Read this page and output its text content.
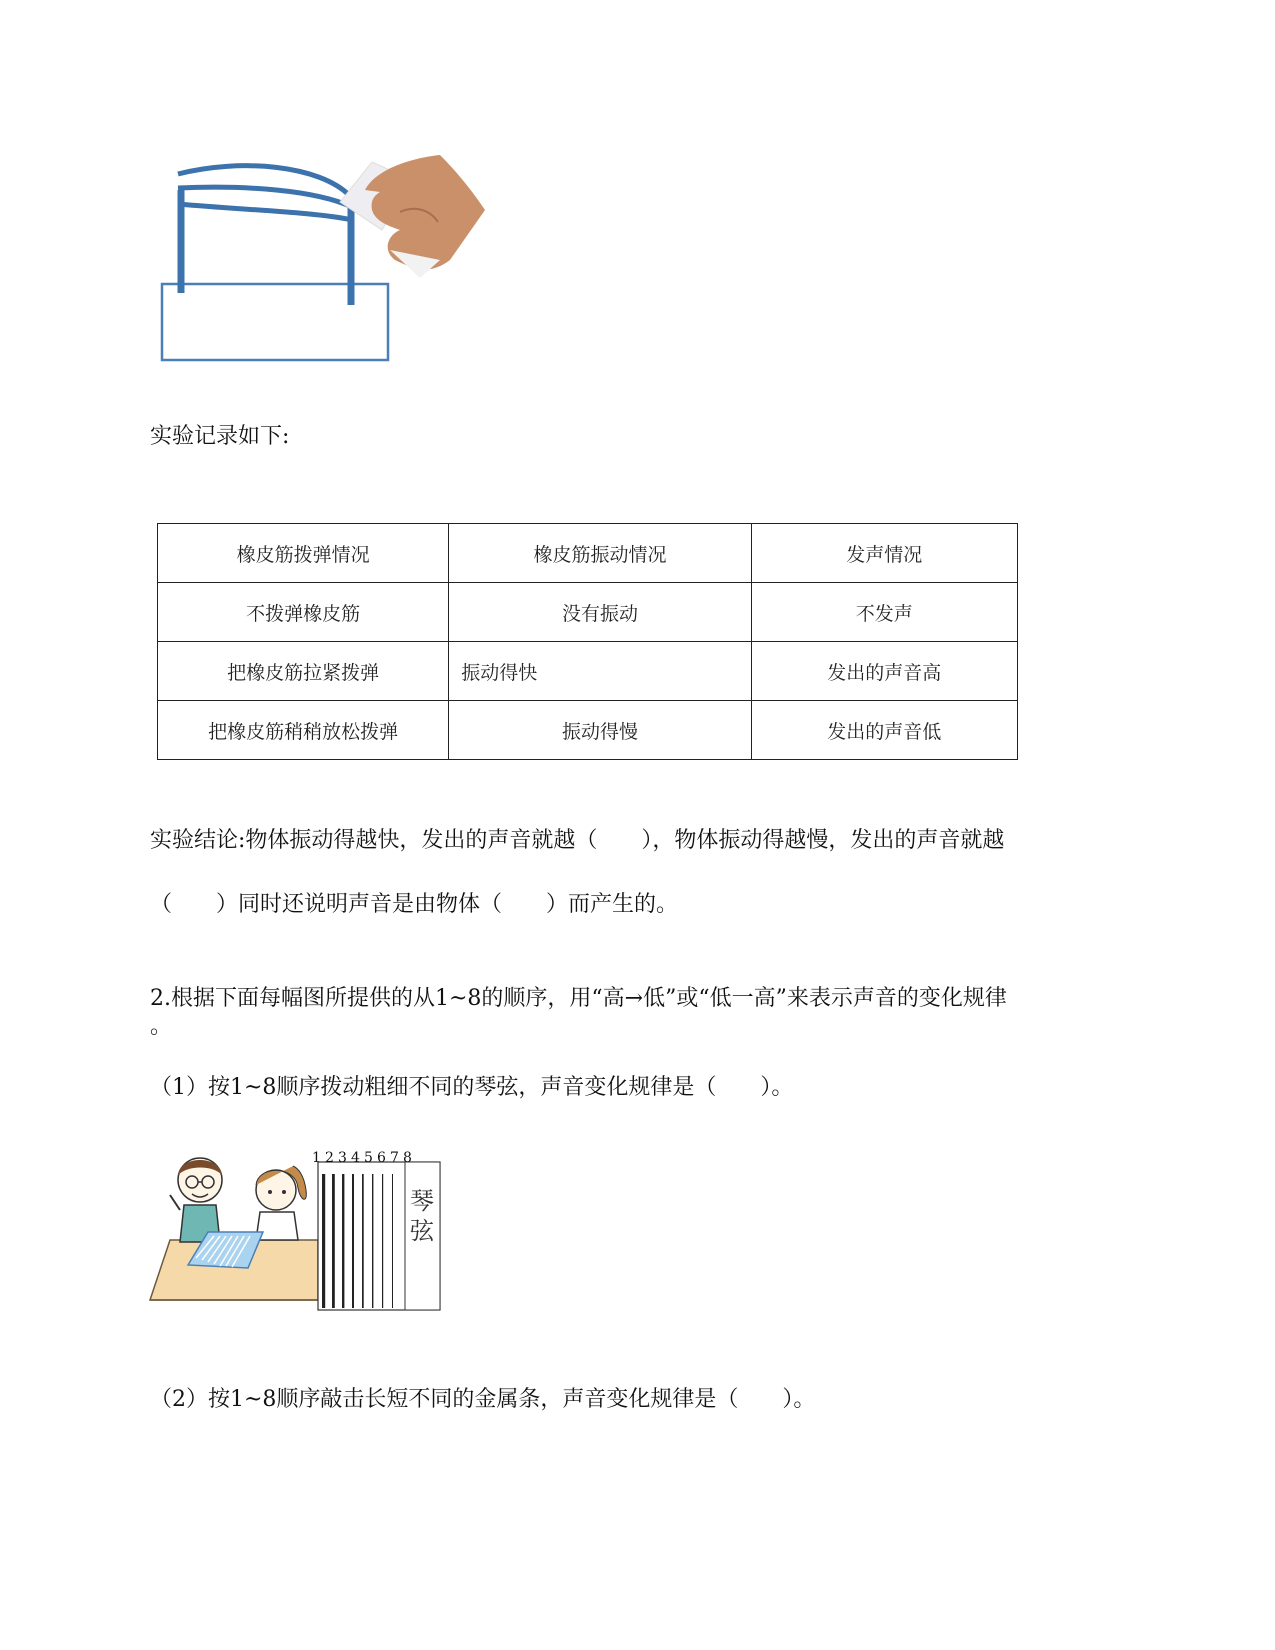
实验记录如下:
橡皮筋拨弹情况	橡皮筋振动情况	发声情况
不拨弹橡皮筋	没有振动	不发声
把橡皮筋拉紧拨弹	振动得快	发出的声音高
把橡皮筋稍稍放松拨弹	振动得慢	发出的声音低
实验结论:物体振动得越快，发出的声音就越（　　），物体振动得越慢，发出的声音就越
（　　）同时还说明声音是由物体（　　）而产生的。
2.根据下面每幅图所提供的从1~8的顺序，用“高→低”或“低一高”来表示声音的变化规律
。
（1）按1~8顺序拨动粗细不同的琴弦，声音变化规律是（　　）。
1 2 3 4 5 6 7 8
琴
弦
（2）按1~8顺序敲击长短不同的金属条，声音变化规律是（　　）。
